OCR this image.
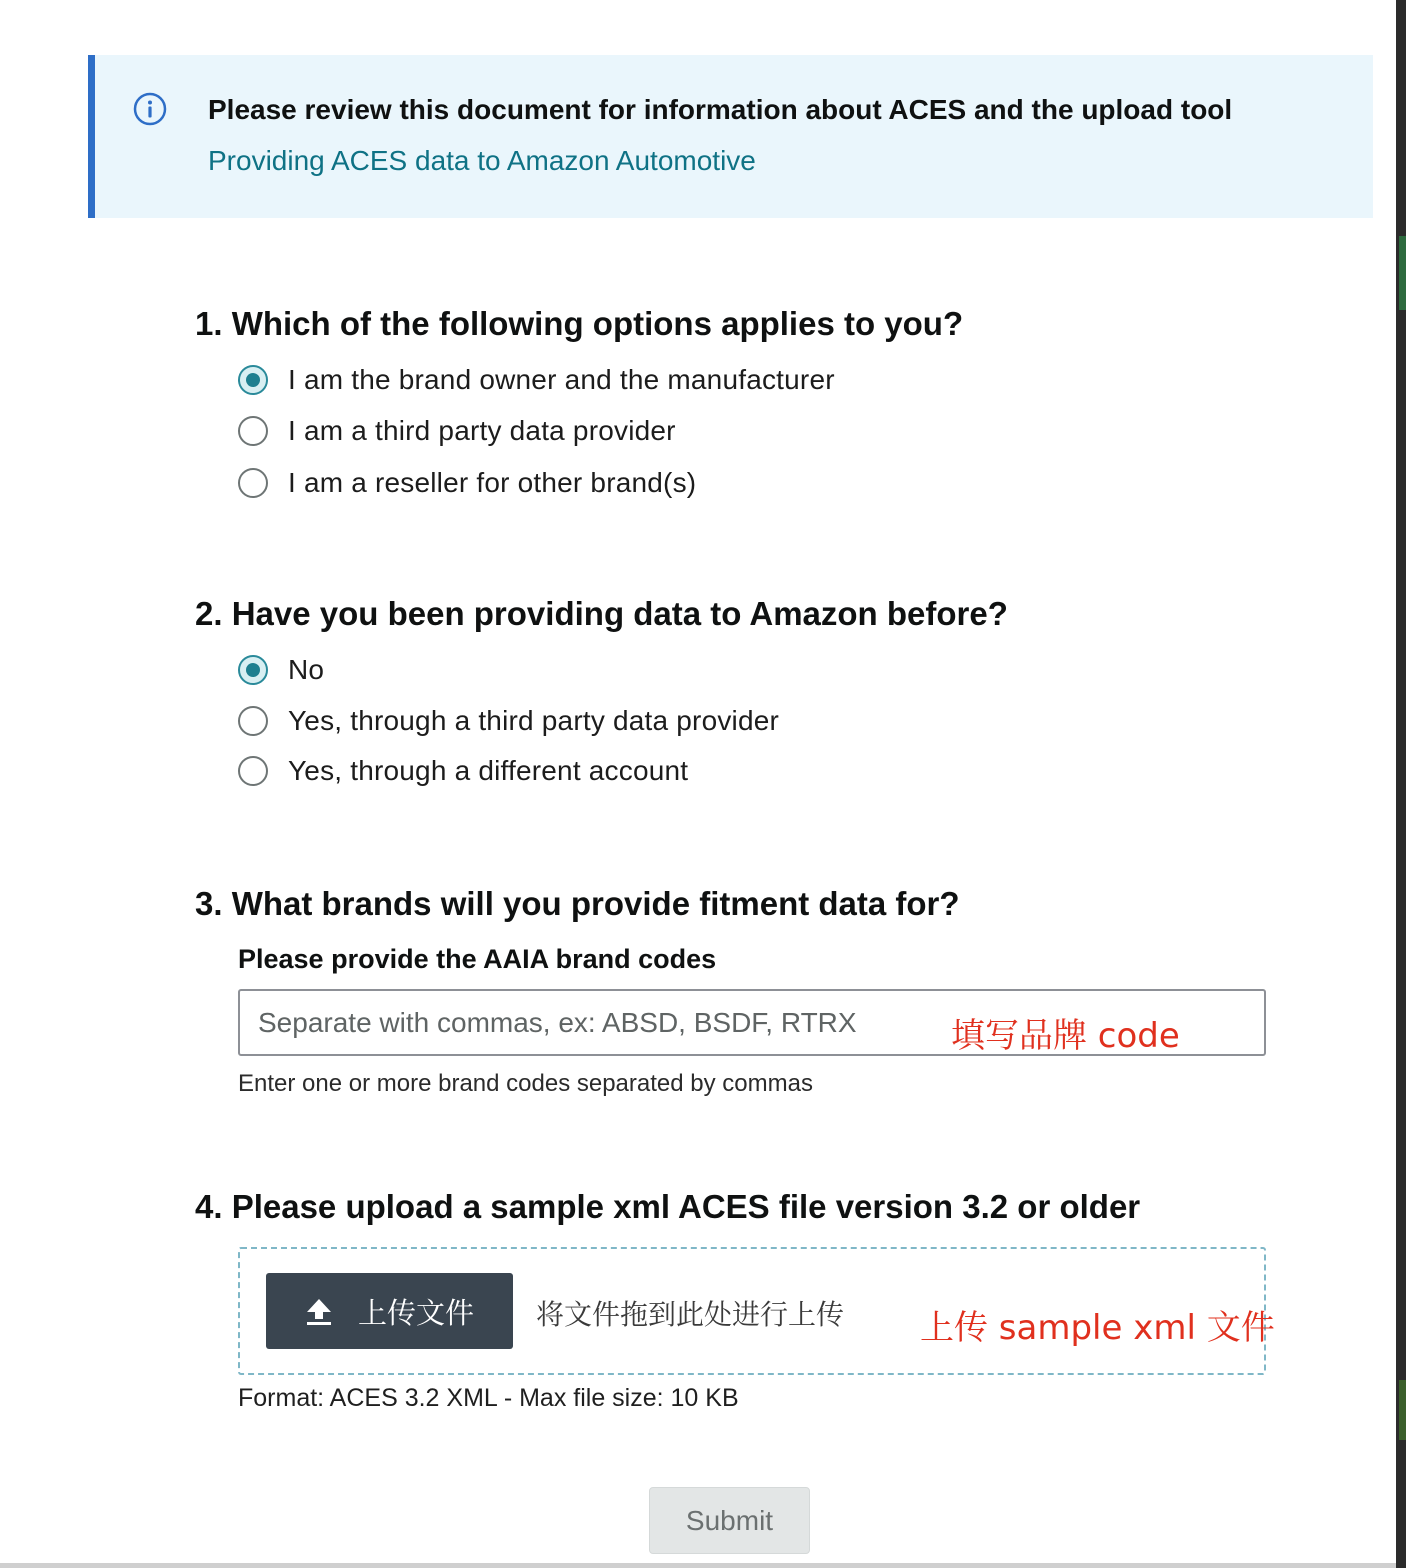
Please review this document for information about ACES and the upload tool
Providing ACES data to Amazon Automotive
1. Which of the following options applies to you?
I am the brand owner and the manufacturer
I am a third party data provider
I am a reseller for other brand(s)
2. Have you been providing data to Amazon before?
No
Yes, through a third party data provider
Yes, through a different account
3. What brands will you provide fitment data for?
Please provide the AAIA brand codes
Separate with commas, ex: ABSD, BSDF, RTRX
填写品牌 code
Enter one or more brand codes separated by commas
4. Please upload a sample xml ACES file version 3.2 or older
上传文件 将文件拖到此处进行上传 上传 sample xml 文件
Format: ACES 3.2 XML - Max file size: 10 KB
Submit
